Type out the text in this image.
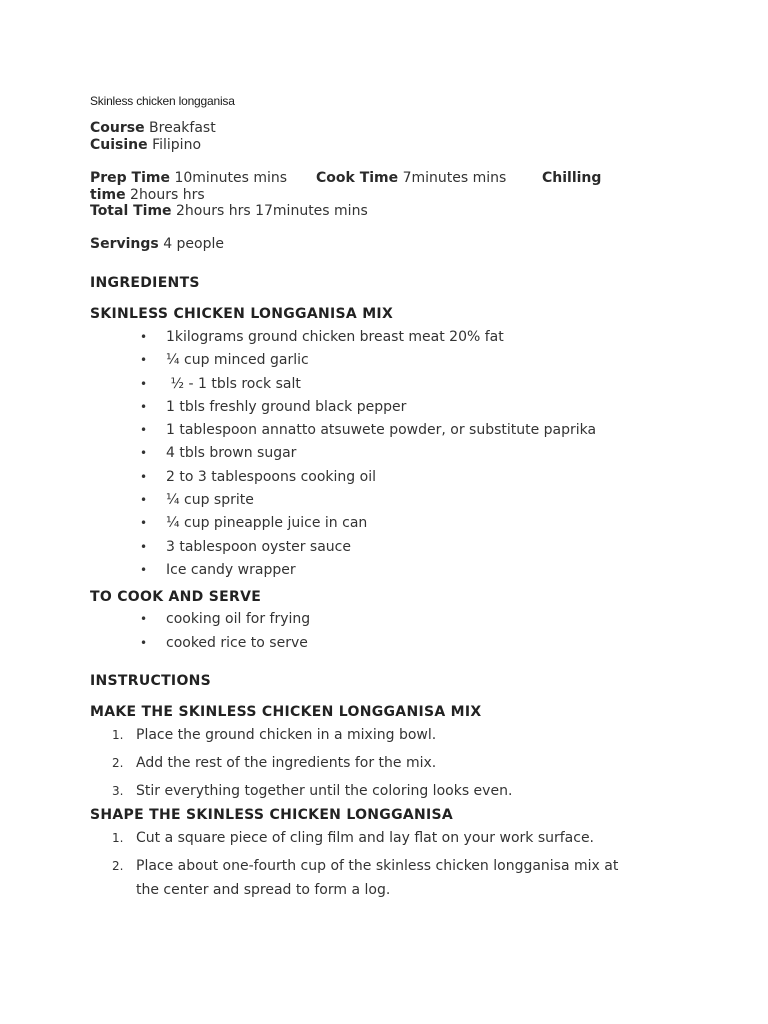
Skinless chicken longganisa
Course Breakfast
Cuisine Filipino
Prep Time 10minutes mins Cook Time 7minutes mins	Chilling
time 2hours hrs
Total Time 2hours hrs 17minutes mins
Servings 4 people
INGREDIENTS
SKINLESS CHICKEN LONGGANISA MIX
• 1kilograms ground chicken breast meat 20% fat
• ¼ cup minced garlic
•  ½ - 1 tbls rock salt
• 1 tbls freshly ground black pepper
• 1 tablespoon annatto atsuwete powder, or substitute paprika
• 4 tbls brown sugar
• 2 to 3 tablespoons cooking oil
• ¼ cup sprite
• ¼ cup pineapple juice in can
• 3 tablespoon oyster sauce
• Ice candy wrapper
TO COOK AND SERVE
• cooking oil for frying
• cooked rice to serve
INSTRUCTIONS
MAKE THE SKINLESS CHICKEN LONGGANISA MIX
1. Place the ground chicken in a mixing bowl.
2. Add the rest of the ingredients for the mix.
3. Stir everything together until the coloring looks even.
SHAPE THE SKINLESS CHICKEN LONGGANISA
1. Cut a square piece of cling film and lay flat on your work surface.
2. Place about one-fourth cup of the skinless chicken longganisa mix at the center and spread to form a log.
